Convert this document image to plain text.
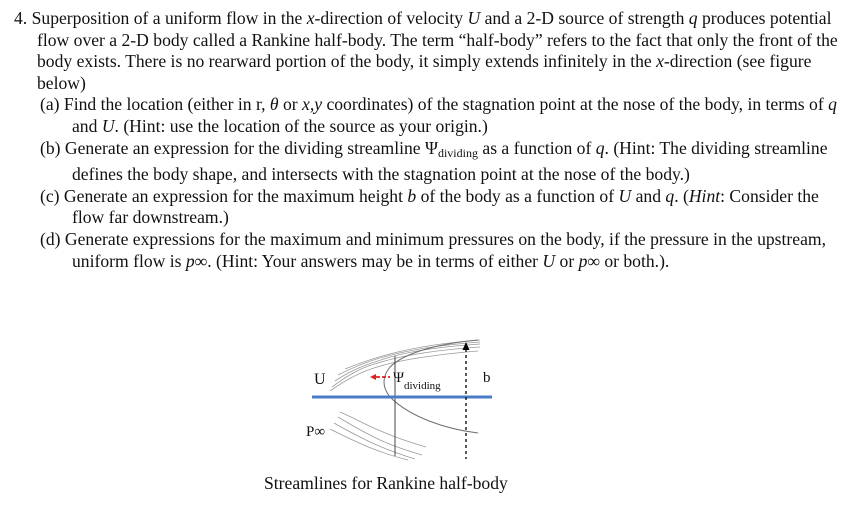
4. Superposition of a uniform flow in the x-direction of velocity U and a 2-D source of strength q produces potential flow over a 2-D body called a Rankine half-body. The term “half-body” refers to the fact that only the front of the body exists. There is no rearward portion of the body, it simply extends infinitely in the x-direction (see figure below)

(a) Find the location (either in r, θ or x,y coordinates) of the stagnation point at the nose of the body, in terms of q and U. (Hint: use the location of the source as your origin.)
(b) Generate an expression for the dividing streamline $\Psi_{dividing}$ as a function of q. (Hint: The dividing streamline defines the body shape, and intersects with the stagnation point at the nose of the body.)
(c) Generate an expression for the maximum height b of the body as a function of U and q. (Hint: Consider the flow far downstream.)
(d) Generate expressions for the maximum and minimum pressures on the body, if the pressure in the upstream, uniform flow is p∞. (Hint: Your answers may be in terms of either U or p∞ or both.).
U	Ψ dividing	b
P∞
Streamlines for Rankine half-body
